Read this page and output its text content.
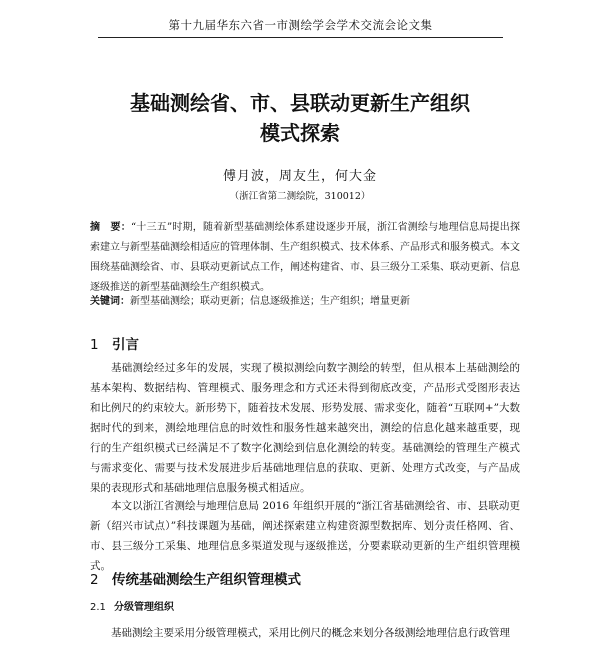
第十九届华东六省一市测绘学会学术交流会论文集
基础测绘省、市、县联动更新生产组织
模式探索
傅月波，周友生，何大金
（浙江省第二测绘院，310012）
摘　要：“十三五”时期，随着新型基础测绘体系建设逐步开展，浙江省测绘与地理信息局提出探索建立与新型基础测绘相适应的管理体制、生产组织模式、技术体系、产品形式和服务模式。本文围绕基础测绘省、市、县联动更新试点工作，阐述构建省、市、县三级分工采集、联动更新、信息逐级推送的新型基础测绘生产组织模式。
关键词：新型基础测绘；联动更新；信息逐级推送；生产组织；增量更新
1 引言
基础测绘经过多年的发展，实现了模拟测绘向数字测绘的转型，但从根本上基础测绘的基本架构、数据结构、管理模式、服务理念和方式还未得到彻底改变，产品形式受图形表达和比例尺的约束较大。新形势下，随着技术发展、形势发展、需求变化，随着“互联网+”大数据时代的到来，测绘地理信息的时效性和服务性越来越突出，测绘的信息化越来越重要，现行的生产组织模式已经满足不了数字化测绘到信息化测绘的转变。基础测绘的管理生产模式与需求变化、需要与技术发展进步后基础地理信息的获取、更新、处理方式改变，与产品成果的表现形式和基础地理信息服务模式相适应。
本文以浙江省测绘与地理信息局 2016 年组织开展的“浙江省基础测绘省、市、县联动更新（绍兴市试点）”科技课题为基础，阐述探索建立构建资源型数据库、划分责任格网、省、市、县三级分工采集、地理信息多渠道发现与逐级推送，分要素联动更新的生产组织管理模式。
2 传统基础测绘生产组织管理模式
2.1 分级管理组织
基础测绘主要采用分级管理模式，采用比例尺的概念来划分各级测绘地理信息行政管理
